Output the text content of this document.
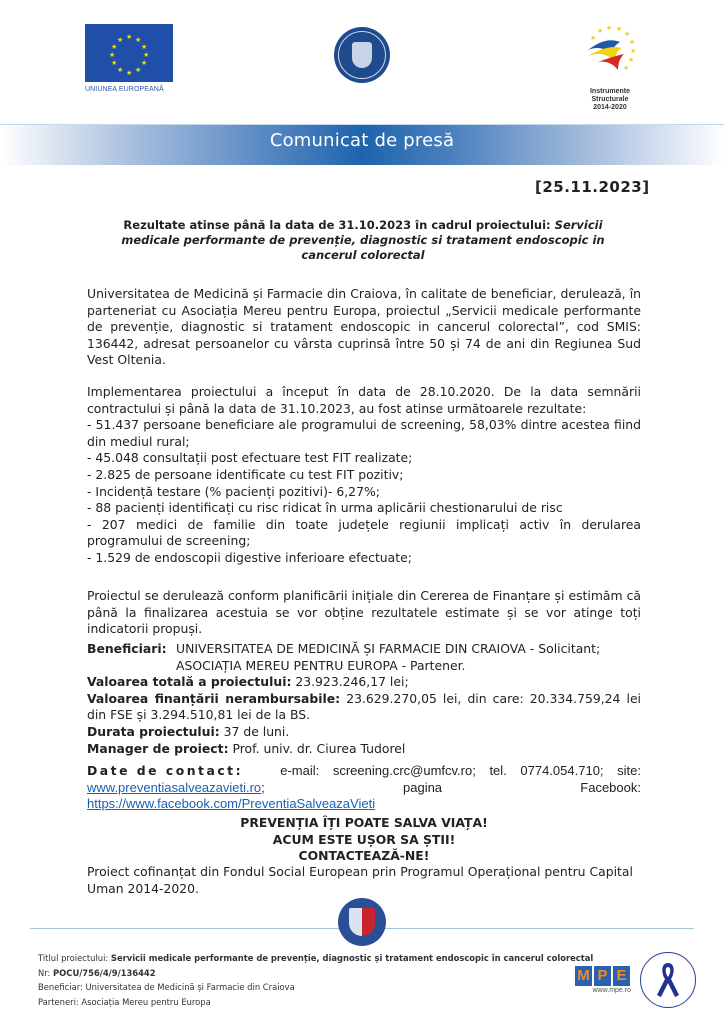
★ ★
★
★
★
★
★
★
★
★
★
★
UNIUNEA EUROPEANĂ
★ ★
★
★
★
★
★
★
★
Instrumente Structurale
2014-2020
Comunicat de presă
[25.11.2023]
Rezultate atinse până la data de 31.10.2023 în cadrul proiectului: Servicii medicale performante de prevenție, diagnostic si tratament endoscopic in cancerul colorectal
Universitatea de Medicină și Farmacie din Craiova, în calitate de beneficiar, derulează, în parteneriat cu Asociația Mereu pentru Europa, proiectul „Servicii medicale performante de prevenție, diagnostic si tratament endoscopic in cancerul colorectal”, cod SMIS: 136442, adresat persoanelor cu vârsta cuprinsă între 50 și 74 de ani din Regiunea Sud Vest Oltenia.
Implementarea proiectului a început în data de 28.10.2020. De la data semnării contractului și până la data de 31.10.2023, au fost atinse următoarele rezultate:
- 51.437 persoane beneficiare ale programului de screening, 58,03% dintre acestea fiind din mediul rural;
- 45.048 consultații post efectuare test FIT realizate;
- 2.825 de persoane identificate cu test FIT pozitiv;
- Incidență testare (% pacienți pozitivi)- 6,27%;
- 88 pacienți identificați cu risc ridicat în urma aplicării chestionarului de risc
- 207 medici de familie din toate județele regiunii implicați activ în derularea programului de screening;
- 1.529 de endoscopii digestive inferioare efectuate;
Proiectul se derulează conform planificării inițiale din Cererea de Finanțare și estimăm că până la finalizarea acestuia se vor obține rezultatele estimate și se vor atinge toți indicatorii propuși.
Beneficiari: UNIVERSITATEA DE MEDICINĂ ȘI FARMACIE DIN CRAIOVA - Solicitant;
ASOCIAȚIA MEREU PENTRU EUROPA - Partener.
Valoarea totală a proiectului: 23.923.246,17 lei;
Valoarea finanțării nerambursabile: 23.629.270,05 lei, din care: 20.334.759,24 lei din FSE și 3.294.510,81 lei de la BS.
Durata proiectului: 37 de luni.
Manager de proiect: Prof. univ. dr. Ciurea Tudorel
Date de contact:	e-mail: screening.crc@umfcv.ro; tel. 0774.054.710; site:
www.preventiasalveazavieti.ro;	pagina	Facebook:
https://www.facebook.com/PreventiaSalveazaVieti
PREVENȚIA ÎȚI POATE SALVA VIAȚA!
ACUM ESTE UȘOR SA ȘTII!
CONTACTEAZĂ-NE!
Proiect cofinanțat din Fondul Social European prin Programul Operațional pentru Capital Uman 2014-2020.
Titlul proiectului: Servicii medicale performante de prevenție, diagnostic și tratament endoscopic în cancerul colorectal
Nr: POCU/756/4/9/136442
Beneficiar: Universitatea de Medicină și Farmacie din Craiova
Parteneri: Asociația Mereu pentru Europa
M P E
www.mpe.ro
